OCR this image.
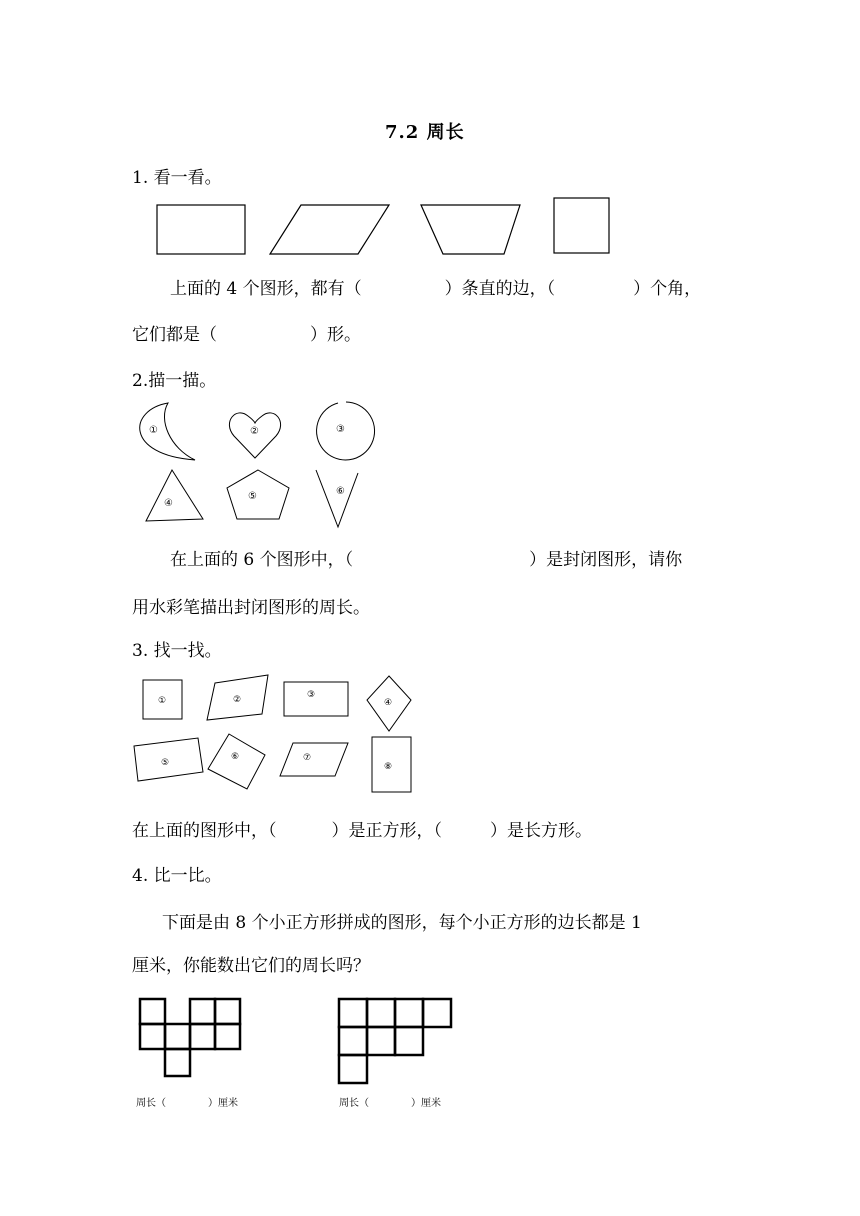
7.2 周长
1. 看一看。
上面的 4 个图形，都有（	）条直的边，（	）个角，
它们都是（	）形。
2.描一描。
①	②	③
④
⑤	⑥
在上面的 6 个图形中，（	）是封闭图形，请你
用水彩笔描出封闭图形的周长。
3. 找一找。
①	②	③
④
⑤
⑥	⑦
⑧
在上面的图形中，（	）是正方形，（	）是长方形。
4. 比一比。
下面是由 8 个小正方形拼成的图形，每个小正方形的边长都是 1
厘米，你能数出它们的周长吗？
周长（	）厘米	周长（	）厘米
